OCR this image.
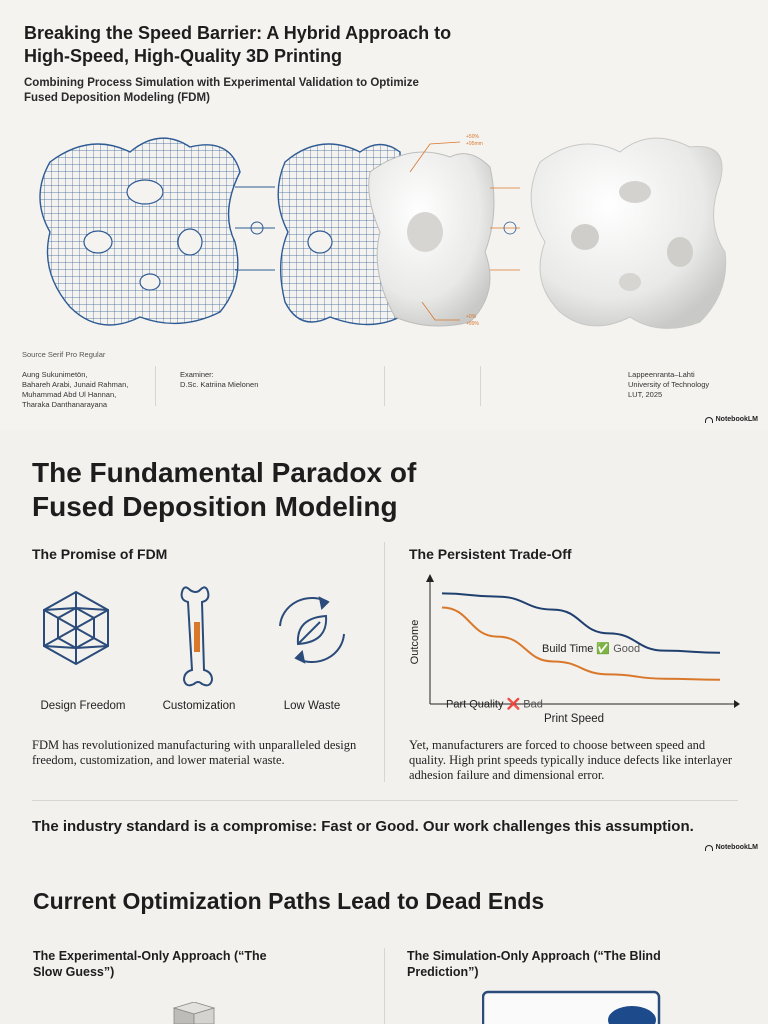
Breaking the Speed Barrier: A Hybrid Approach to High-Speed, High-Quality 3D Printing
Combining Process Simulation with Experimental Validation to Optimize Fused Deposition Modeling (FDM)
+50%
+95mm
+0%
+99%
Source Serif Pro Regular
Aung Sukunimetön,
Bahareh Arabi, Junaid Rahman,
Muhammad Abd Ul Hannan,
Tharaka Danthanarayana
Examiner:
D.Sc. Katriina Mielonen
Lappeenranta–Lahti
University of Technology
LUT, 2025
NotebookLM
The Fundamental Paradox of Fused Deposition Modeling
The Promise of FDM
Design Freedom	Customization	Low Waste
FDM has revolutionized manufacturing with unparalleled design freedom, customization, and lower material waste.
The Persistent Trade-Off
Outcome
Print Speed
Build Time ✅ Good
Part Quality ❌ Bad
Yet, manufacturers are forced to choose between speed and quality. High print speeds typically induce defects like interlayer adhesion failure and dimensional error.
The industry standard is a compromise: Fast or Good. Our work challenges this assumption.
NotebookLM
Current Optimization Paths Lead to Dead Ends
The Experimental-Only Approach (“The Slow Guess”)
The Simulation-Only Approach (“The Blind Prediction”)
